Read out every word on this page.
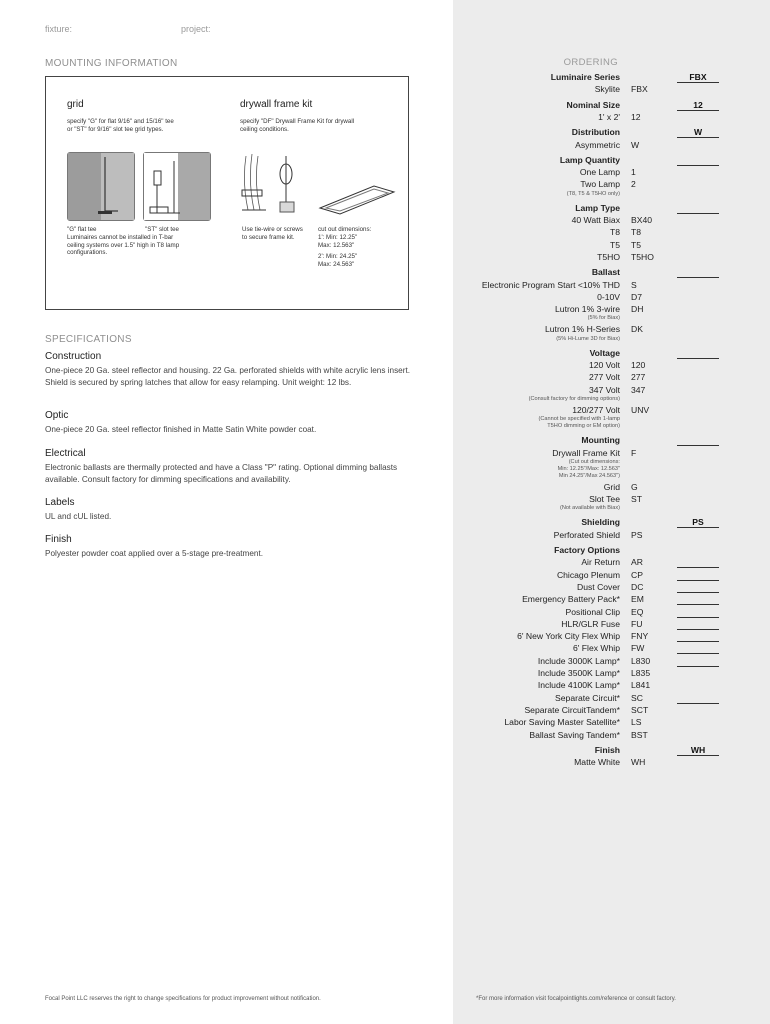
fixture:	project:
MOUNTING INFORMATION
grid
specify "G" for flat 9/16" and 15/16" tee
or "ST" for 9/16" slot tee grid types.
drywall frame kit
specify "DF" Drywall Frame Kit for drywall
ceiling conditions.
"G" flat tee	"ST" slot tee
Luminaires cannot be installed in T-bar
ceiling systems over 1.5" high in T8 lamp
configurations.
Use tie-wire or screws
to secure frame kit.
cut out dimensions:
1': Min: 12.25"
Max: 12.563"
2': Min: 24.25"
Max: 24.563"
SPECIFICATIONS
Construction
One-piece 20 Ga. steel reflector and housing. 22 Ga. perforated shields with white acrylic lens insert. Shield is secured by spring latches that allow for easy relamping. Unit weight: 12 lbs.
Optic
One-piece 20 Ga. steel reflector finished in Matte Satin White powder coat.
Electrical
Electronic ballasts are thermally protected and have a Class "P" rating. Optional dimming ballasts available. Consult factory for dimming specifications and availability.
Labels
UL and cUL listed.
Finish
Polyester powder coat applied over a 5-stage pre-treatment.
ORDERING
Luminaire Series	FBX
Skylite FBX
Nominal Size	12
1' x 2' 12
Distribution	W
Asymmetric W
Lamp Quantity
One Lamp 1
Two Lamp 2
(T8, T5 & T5HO only)
Lamp Type
40 Watt Biax BX40
T8 T8
T5 T5
T5HO T5HO
Ballast
Electronic Program Start <10% THD S
0-10V D7
Lutron 1% 3-wire DH
(5% for Biax)
Lutron 1% H-Series DK
(5% Hi-Lume 3D for Biax)
Voltage
120 Volt 120
277 Volt 277
347 Volt 347
(Consult factory for dimming options)
120/277 Volt UNV
(Cannot be specified with 1-lamp
T5HO dimming or EM option)
Mounting
Drywall Frame Kit F
(Cut out dimensions:
Min: 12.25"/Max: 12.563"
Min 24.25"/Max 24.563")
Grid G
Slot Tee ST
(Not available with Biax)
Shielding	PS
Perforated Shield PS
Factory Options
Air Return AR
Chicago Plenum CP
Dust Cover DC
Emergency Battery Pack* EM
Positional Clip EQ
HLR/GLR Fuse FU
6' New York City Flex Whip FNY
6' Flex Whip FW
Include 3000K Lamp* L830
Include 3500K Lamp* L835
Include 4100K Lamp* L841
Separate Circuit* SC
Separate CircuitTandem* SCT
Labor Saving Master Satellite* LS
Ballast Saving Tandem* BST
Finish	WH
Matte White WH
Focal Point LLC reserves the right to change specifications for product improvement without notification.	*For more information visit focalpointlights.com/reference or consult factory.
